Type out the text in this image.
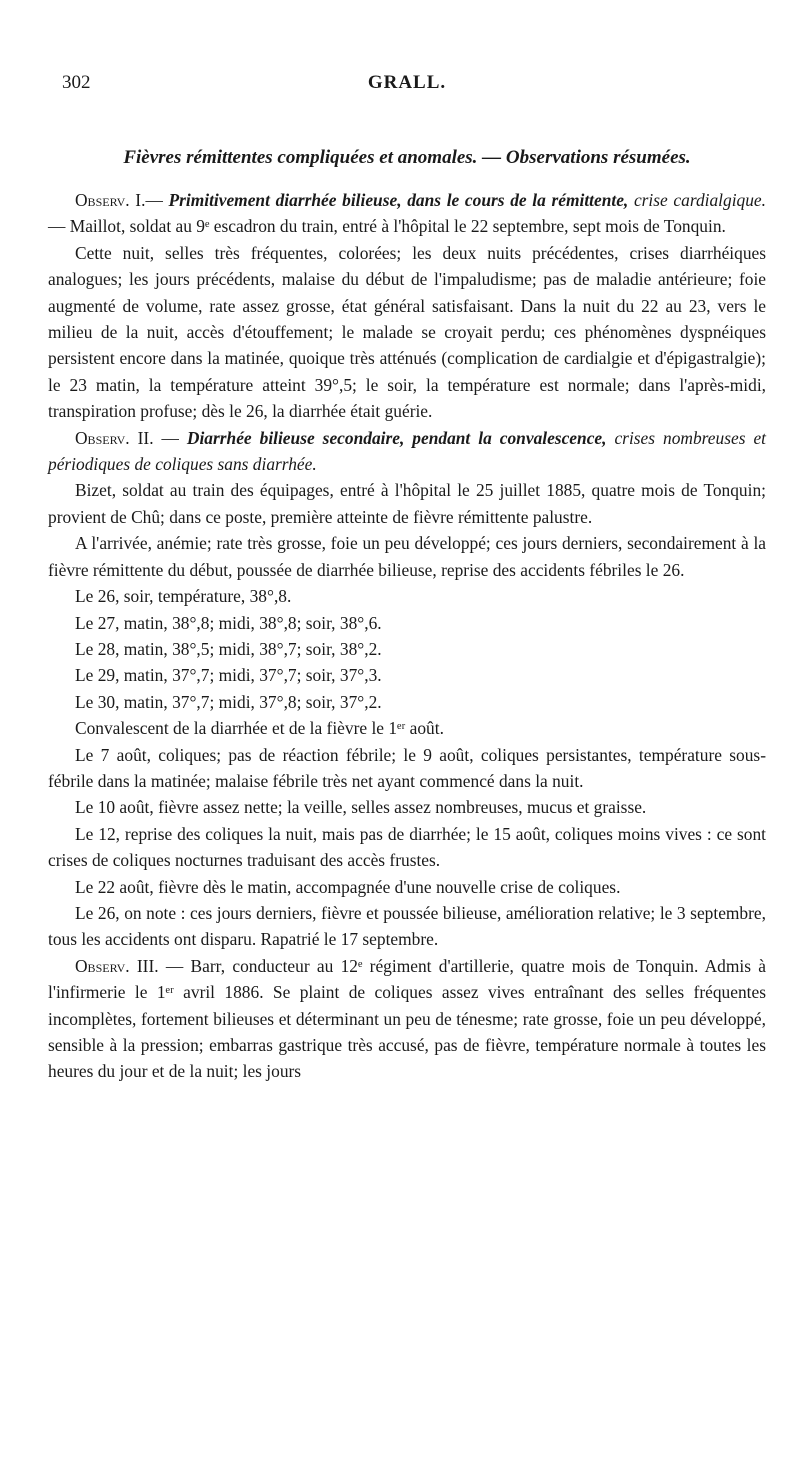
302	GRALL.
Fièvres rémittentes compliquées et anomales. — Observations résumées.

Observ. I.— Primitivement diarrhée bilieuse, dans le cours de la rémittente, crise cardialgique. — Maillot, soldat au 9ᵉ escadron du train, entré à l'hôpital le 22 septembre, sept mois de Tonquin.

Cette nuit, selles très fréquentes, colorées; les deux nuits précédentes, crises diarrhéiques analogues; les jours précédents, malaise du début de l'impaludisme; pas de maladie antérieure; foie augmenté de volume, rate assez grosse, état général satisfaisant. Dans la nuit du 22 au 23, vers le milieu de la nuit, accès d'étouffement; le malade se croyait perdu; ces phénomènes dyspnéiques persistent encore dans la matinée, quoique très atténués (complication de cardialgie et d'épigastralgie); le 23 matin, la température atteint 39°,5; le soir, la température est normale; dans l'après-midi, transpiration profuse; dès le 26, la diarrhée était guérie.

Observ. II. — Diarrhée bilieuse secondaire, pendant la convalescence, crises nombreuses et périodiques de coliques sans diarrhée.

Bizet, soldat au train des équipages, entré à l'hôpital le 25 juillet 1885, quatre mois de Tonquin; provient de Chû; dans ce poste, première atteinte de fièvre rémittente palustre.

A l'arrivée, anémie; rate très grosse, foie un peu développé; ces jours derniers, secondairement à la fièvre rémittente du début, poussée de diarrhée bilieuse, reprise des accidents fébriles le 26.

Le 26, soir, température, 38°,8.

Le 27, matin, 38°,8; midi, 38°,8; soir, 38°,6.

Le 28, matin, 38°,5; midi, 38°,7; soir, 38°,2.

Le 29, matin, 37°,7; midi, 37°,7; soir, 37°,3.

Le 30, matin, 37°,7; midi, 37°,8; soir, 37°,2.

Convalescent de la diarrhée et de la fièvre le 1ᵉʳ août.

Le 7 août, coliques; pas de réaction fébrile; le 9 août, coliques persistantes, température sous-fébrile dans la matinée; malaise fébrile très net ayant commencé dans la nuit.

Le 10 août, fièvre assez nette; la veille, selles assez nombreuses, mucus et graisse.

Le 12, reprise des coliques la nuit, mais pas de diarrhée; le 15 août, coliques moins vives : ce sont crises de coliques nocturnes traduisant des accès frustes.

Le 22 août, fièvre dès le matin, accompagnée d'une nouvelle crise de coliques.

Le 26, on note : ces jours derniers, fièvre et poussée bilieuse, amélioration relative; le 3 septembre, tous les accidents ont disparu. Rapatrié le 17 septembre.

Observ. III. — Barr, conducteur au 12ᵉ régiment d'artillerie, quatre mois de Tonquin. Admis à l'infirmerie le 1ᵉʳ avril 1886. Se plaint de coliques assez vives entraînant des selles fréquentes incomplètes, fortement bilieuses et déterminant un peu de ténesme; rate grosse, foie un peu développé, sensible à la pression; embarras gastrique très accusé, pas de fièvre, température normale à toutes les heures du jour et de la nuit; les jours
